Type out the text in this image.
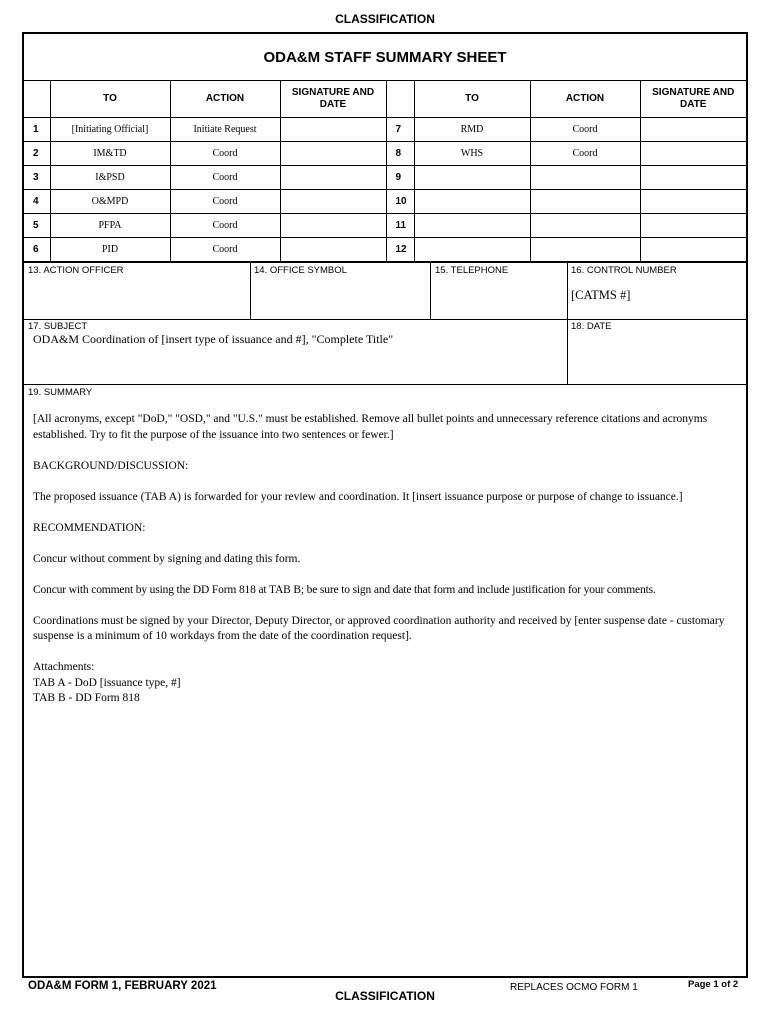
CLASSIFICATION
ODA&M STAFF SUMMARY SHEET
	TO	ACTION	SIGNATURE AND DATE		TO	ACTION	SIGNATURE AND DATE
1	[Initiating Official]	Initiate Request		7	RMD	Coord	
2	IM&TD	Coord		8	WHS	Coord	
3	I&PSD	Coord		9			
4	O&MPD	Coord		10			
5	PFPA	Coord		11			
6	PID	Coord		12			
13. ACTION OFFICER	14. OFFICE SYMBOL	15. TELEPHONE	16. CONTROL NUMBER
[CATMS #]
17. SUBJECT
ODA&M Coordination of [insert type of issuance and #], "Complete Title"
18. DATE
19. SUMMARY

[All acronyms, except "DoD," "OSD," and "U.S." must be established. Remove all bullet points and unnecessary reference citations and acronyms established. Try to fit the purpose of the issuance into two sentences or fewer.]

BACKGROUND/DISCUSSION:

The proposed issuance (TAB A) is forwarded for your review and coordination. It [insert issuance purpose or purpose of change to issuance.]

RECOMMENDATION:

Concur without comment by signing and dating this form.

Concur with comment by using the DD Form 818 at TAB B; be sure to sign and date that form and include justification for your comments.

Coordinations must be signed by your Director, Deputy Director, or approved coordination authority and received by [enter suspense date - customary suspense is a minimum of 10 workdays from the date of the coordination request].

Attachments:

TAB A - DoD [issuance type, #]

TAB B - DD Form 818

ODA&M FORM 1, FEBRUARY 2021	REPLACES OCMO FORM 1	Page 1 of 2
CLASSIFICATION
